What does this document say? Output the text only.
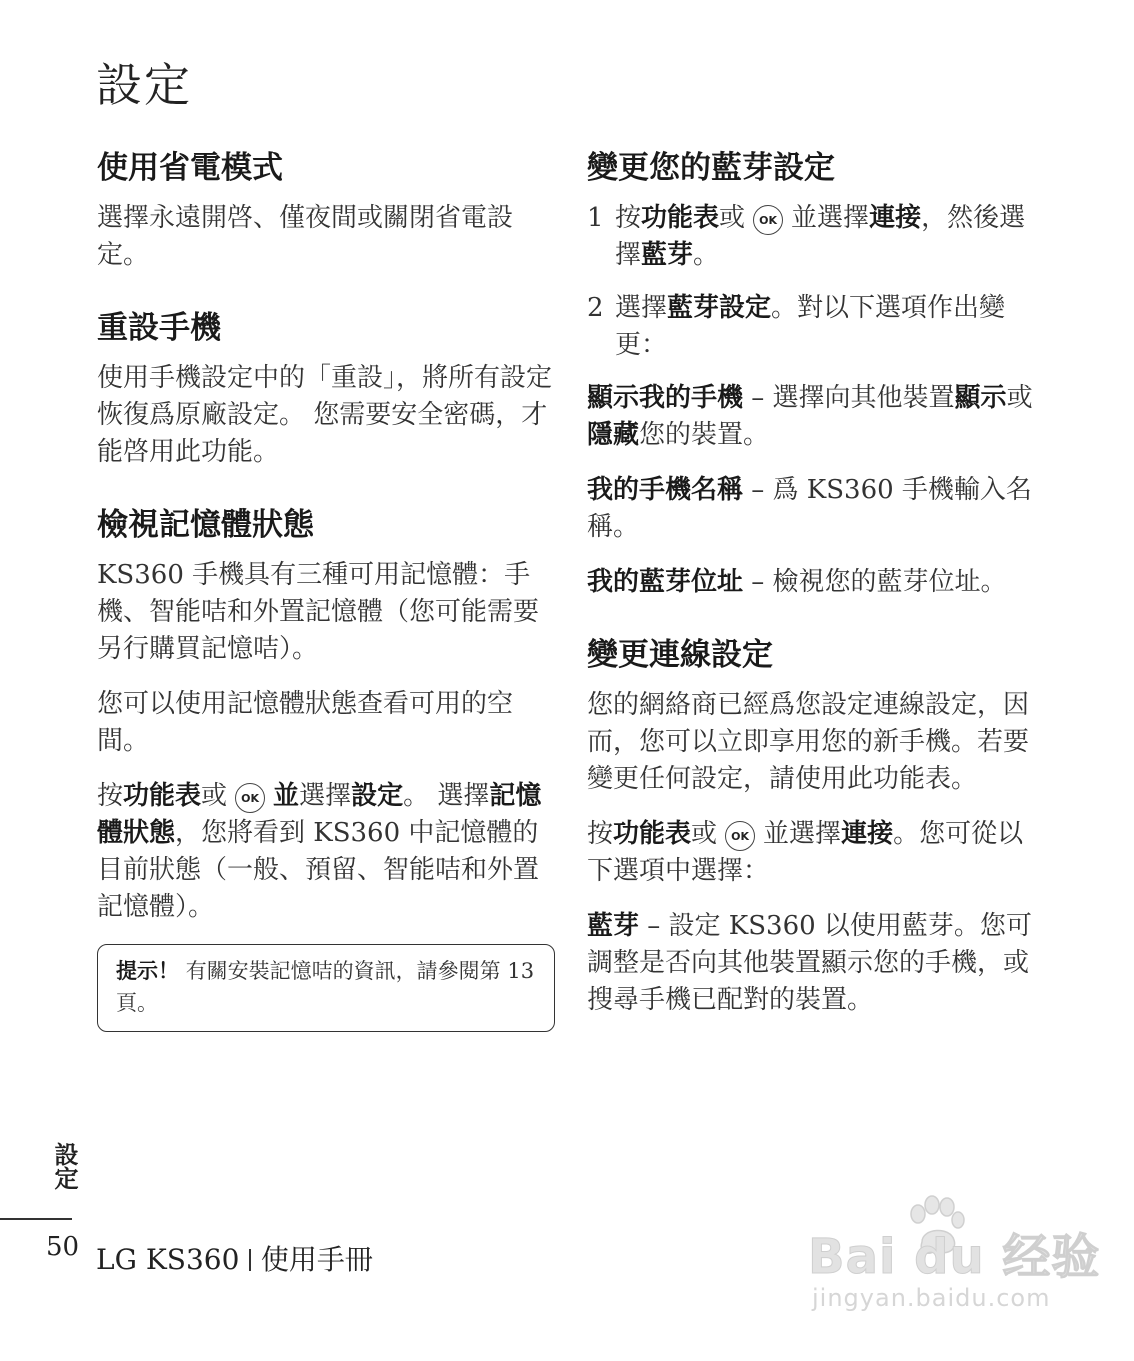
設定
使用省電模式

選擇永遠開啓、僅夜間或關閉省電設定。

重設手機

使用手機設定中的「重設」，將所有設定恢復爲原廠設定。 您需要安全密碼，才能啓用此功能。

檢視記憶體狀態

KS360 手機具有三種可用記憶體：手機、智能咭和外置記憶體（您可能需要另行購買記憶咭）。

您可以使用記憶體狀態查看可用的空間。

按功能表或 OK 並選擇設定。 選擇記憶體狀態，您將看到 KS360 中記憶體的目前狀態（一般、預留、智能咭和外置記憶體）。

提示！ 有關安裝記憶咭的資訊，請參閱第 13 頁。
變更您的藍芽設定
1 按功能表或 OK 並選擇連接，然後選擇藍芽。
2 選擇藍芽設定。對以下選項作出變更：

顯示我的手機 – 選擇向其他裝置顯示或隱藏您的裝置。

我的手機名稱 – 爲 KS360 手機輸入名稱。

我的藍芽位址 – 檢視您的藍芽位址。

變更連線設定

您的網絡商已經爲您設定連線設定，因而，您可以立即享用您的新手機。若要變更任何設定，請使用此功能表。

按功能表或 OK 並選擇連接。您可從以下選項中選擇：

藍芽 – 設定 KS360 以使用藍芽。您可調整是否向其他裝置顯示您的手機，或搜尋手機已配對的裝置。

設定
50 LG KS360 使用手冊	Bai du 经验
jingyan.baidu.com
